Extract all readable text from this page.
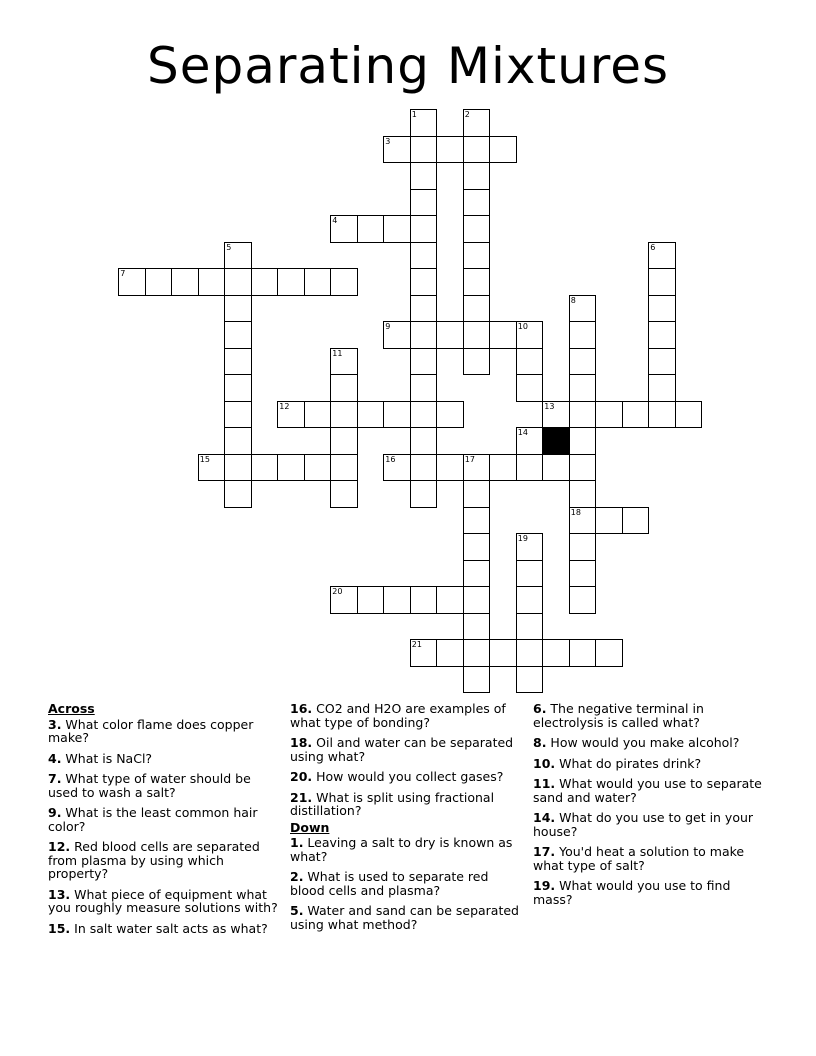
Separating Mixtures
1	2
3
4
5	6
7
8
9	10
11
12	13
14
15	16	17
18
19
20
21
Across
3. What color flame does copper make?
4. What is NaCl?
7. What type of water should be used to wash a salt?
9. What is the least common hair color?
12. Red blood cells are separated from plasma by using which property?
13. What piece of equipment what you roughly measure solutions with?
15. In salt water salt acts as what?
16. CO2 and H2O are examples of what type of bonding?
18. Oil and water can be separated using what?
20. How would you collect gases?
21. What is split using fractional distillation?
Down
1. Leaving a salt to dry is known as what?
2. What is used to separate red blood cells and plasma?
5. Water and sand can be separated using what method?
6. The negative terminal in electrolysis is called what?
8. How would you make alcohol?
10. What do pirates drink?
11. What would you use to separate sand and water?
14. What do you use to get in your house?
17. You'd heat a solution to make what type of salt?
19. What would you use to find mass?
